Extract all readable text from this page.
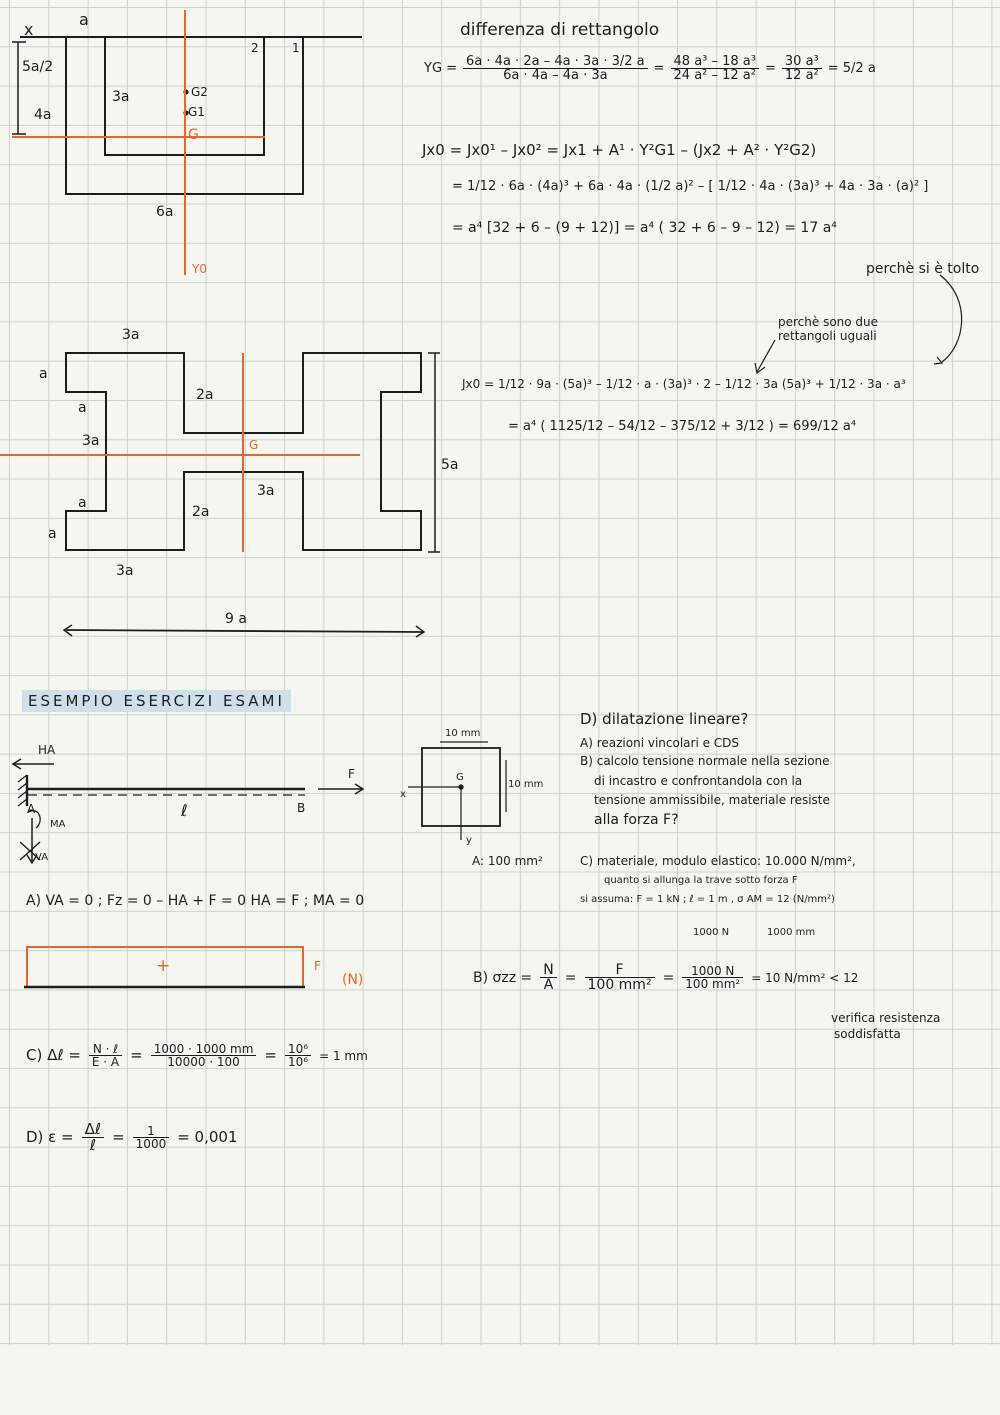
x
a
5a/2
4a
3a
6a
G2
G1
G
Y0
1
2
differenza di rettangolo
YG = $\frac{6a \cdot 4a \cdot 2a - 4a \cdot 3a \cdot 3/2 a}{6a \cdot 4a - 4a \cdot 3a} = \frac{\text{48 a³ – 18 a³}}{\text{24 a² – 12 a²}} = \frac{\text{30 a³}}{\text{12 a²}} = 5/2$ a
Jx0 = Jx0¹ – Jx0² = Jx1 + A¹ · Y²G1 – (Jx2 + A² · Y²G2)
= 1/12 · 6a · (4a)³ + 6a · 4a · (1/2 a)² – [ 1/12 · 4a · (3a)³ + 4a · 3a · (a)² ]
= a⁴ [32 + 6 – (9 + 12)] = a⁴ ( 32 + 6 – 9 – 12) = 17 a⁴
3a
a
a
3a
2a
G
a
3a
2a
a
3a
5a
9 a
perchè si è tolto
perchè sono due rettangoli uguali
Jx0 = 1/12 · 9a · (5a)³ – 1/12 · a · (3a)³ · 2 – 1/12 · 3a (5a)³ + 1/12 · 3a · a³
= a⁴ ( 1125/12 – 54/12 – 375/12 + 3/12 ) = 699/12 a⁴
ESEMPIO ESERCIZI ESAMI
HA
F
A
MA
VA
ℓ	B
10 mm
10 mm
G
x
y
A: 100 mm²
D) dilatazione lineare?
A) reazioni vincolari e CDS
B) calcolo tensione normale nella sezione
di incastro e confrontandola con la
tensione ammissibile, materiale resiste
alla forza F?
C) materiale, modulo elastico: 10.000 N/mm²,
quanto si allunga la trave sotto forza F
si assuma: F = 1 kN ; ℓ = 1 m , σ AM = 12 (N/mm²)
1000 N	1000 mm
A) VA = 0 ; Fz = 0 – HA + F = 0 HA = F ; MA = 0
+	F
(N)	B) $\sigma zz = \frac{N}{A} = \frac{F}{\text{100 mm²}} = \frac{1000 N}{\text{100 mm²}} = 10$ N/mm² < 12
verifica resistenza
soddisfatta
C) Δℓ = $\frac{\text{N · ℓ}}{E \cdot A} = \frac{1000 \cdot 1000 mm}{10000 \cdot 100} = \frac{\text{10⁶}}{\text{10⁶}} = 1$ mm
D) $\varepsilon = \frac{\text{Δℓ}}{\text{ℓ}} = \frac{1}{1000} = 0,001$
